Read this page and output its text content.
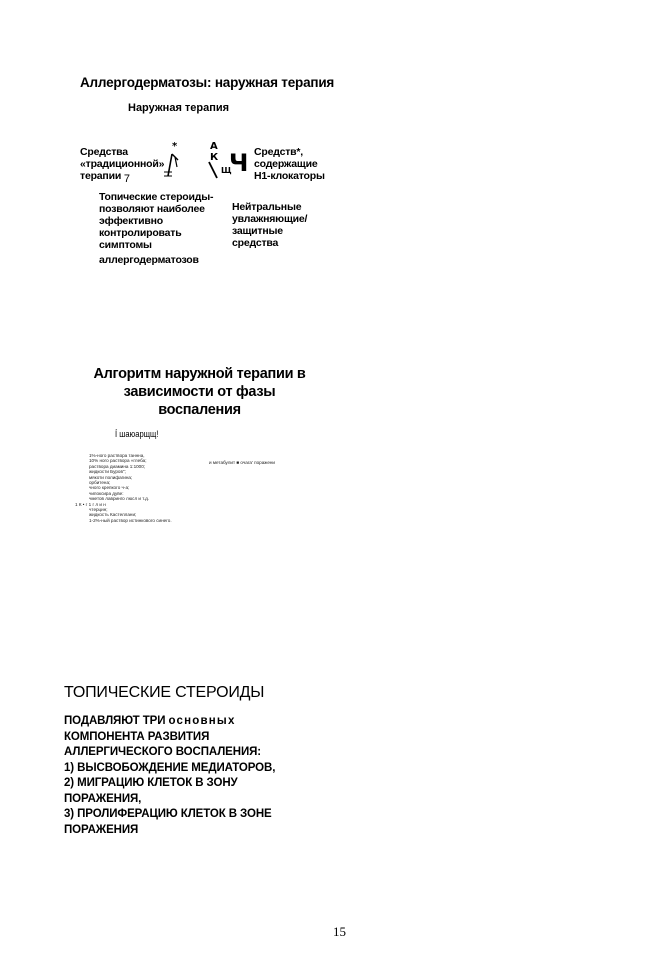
Аллергодерматозы: наружная терапия
Наружная терапия
Средства
«традиционной»
терапии 7
*	А
К
Щ
Ч Средств*,
содержащие
Н1-клокаторы
Топические стероиды-
позволяют наиболее
эффективно
контролировать
симптомы
аллергодерматозов
Нейтральные
увлажняющие/
защитные
средства
Алгоритм наружной терапии в
зависимости от фазы воспаления
Í шаюарщщ!
1%-ного раствора таннна,
10% ного раствора «глеба;
раствора диамина 1:1000;
жидкости Буров";
мякоти полифагина;
орбитена;
чного крепкого ч-а;
чипоксира дуве:
чметов лавринго люсл и т.д.
1 К • г 1 г л и н
чтерцин;
жидкость Кастеллани;
1-2%-ный раствор истинкового синего.
и метабулит ■ очага' поражени
ТОПИЧЕСКИЕ СТЕРОИДЫ
ПОДАВЛЯЮТ ТРИ основных
КОМПОНЕНТА РАЗВИТИЯ
АЛЛЕРГИЧЕСКОГО ВОСПАЛЕНИЯ:
1) ВЫСВОБОЖДЕНИЕ МЕДИАТОРОВ,
2) МИГРАЦИЮ КЛЕТОК В ЗОНУ
ПОРАЖЕНИЯ,
3) ПРОЛИФЕРАЦИЮ КЛЕТОК В ЗОНЕ
ПОРАЖЕНИЯ
15
